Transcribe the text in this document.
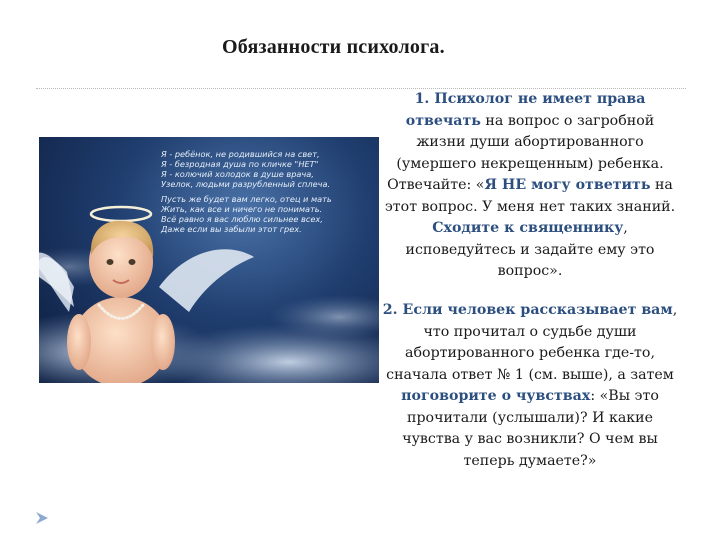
Обязанности психолога.

Я - ребёнок, не родившийся на свет,
Я - безродная душа по кличке "НЕТ"
Я - колючий холодок в душе врача,
Узелок, людьми разрубленный сплеча.

Пусть же будет вам легко, отец и мать
Жить, как все и ничего не понимать.
Всё равно я вас люблю сильнее всех,
Даже если вы забыли этот грех.

1. Психолог не имеет права отвечать на вопрос о загробной жизни души абортированного (умершего некрещенным) ребенка. Отвечайте: «Я НЕ могу ответить на этот вопрос. У меня нет таких знаний. Сходите к священнику, исповедуйтесь и задайте ему это вопрос».
2. Если человек рассказывает вам, что прочитал о судьбе души абортированного ребенка где-то, сначала ответ № 1 (см. выше), а затем поговорите о чувствах: «Вы это прочитали (услышали)? И какие чувства у вас возникли? О чем вы теперь думаете?»
